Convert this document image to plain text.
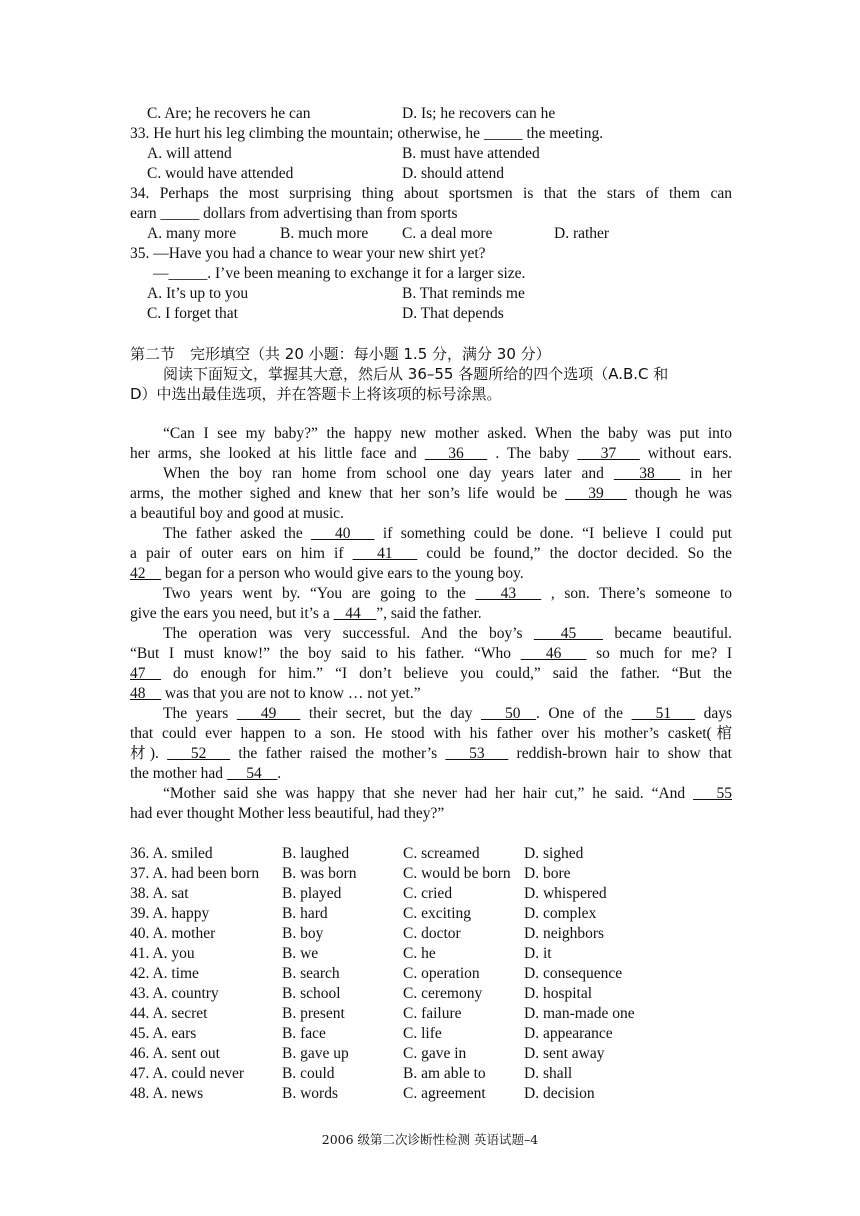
C. Are; he recovers he can	D. Is; he recovers can he
33. He hurt his leg climbing the mountain; otherwise, he _____ the meeting.
A. will attend	B. must have attended
C. would have attended	D. should attend
34. Perhaps the most surprising thing about sportsmen is that the stars of them can
earn _____ dollars from advertising than from sports
A. many more	B. much more C. a deal more	D. rather
35. —Have you had a chance to wear your new shirt yet?
—_____. I’ve been meaning to exchange it for a larger size.
A. It’s up to you	B. That reminds me
C. I forget that	D. That depends
第二节　完形填空（共 20 小题：每小题 1.5 分，满分 30 分）
阅读下面短文，掌握其大意，然后从 36–55 各题所给的四个选项（A.B.C 和
D）中选出最佳选项，并在答题卡上将该项的标号涂黑。
“Can I see my baby?” the happy new mother asked. When the baby was put into
her arms, she looked at his little face and  __36__  . The baby  __37__  without ears.
When the boy ran home from school one day years later and  __38__  in her
arms, the mother sighed and knew that her son’s life would be  __39__  though he was
a beautiful boy and good at music.
The father asked the  __40__  if something could be done. “I believe I could put
a pair of outer ears on him if  __41__  could be found,” the doctor decided. So the
42__ began for a person who would give ears to the young boy.
Two years went by. “You are going to the  __43__  , son. There’s someone to
give the ears you need, but it’s a  _44__”, said the father.
The operation was very successful. And the boy’s  __45__  became beautiful.
“But I must know!” the boy said to his father. “Who  __46__  so much for me? I
47__ do enough for him.” “I don’t believe you could,” said the father. “But the
48__ was that you are not to know … not yet.”
The years  __49__  their secret, but the day  __50__. One of the  __51__  days
that could ever happen to a son. He stood with his father over his mother’s casket(棺
材).  __52__  the father raised the mother’s  __53__  reddish-brown hair to show that
the mother had  __54__.
“Mother said she was happy that she never had her hair cut,” he said. “And  __55
had ever thought Mother less beautiful, had they?”
36. A. smiled	B. laughed	C. screamed	D. sighed
37. A. had been born B. was born	C. would be born D. bore
38. A. sat	B. played	C. cried	D. whispered
39. A. happy	B. hard	C. exciting	D. complex
40. A. mother	B. boy	C. doctor	D. neighbors
41. A. you	B. we	C. he	D. it
42. A. time	B. search	C. operation	D. consequence
43. A. country	B. school	C. ceremony	D. hospital
44. A. secret	B. present	C. failure	D. man-made one
45. A. ears	B. face	C. life	D. appearance
46. A. sent out	B. gave up	C. gave in	D. sent away
47. A. could never B. could	B. am able to D. shall
48. A. news	B. words	C. agreement D. decision
2006 级第二次诊断性检测 英语试题–4
